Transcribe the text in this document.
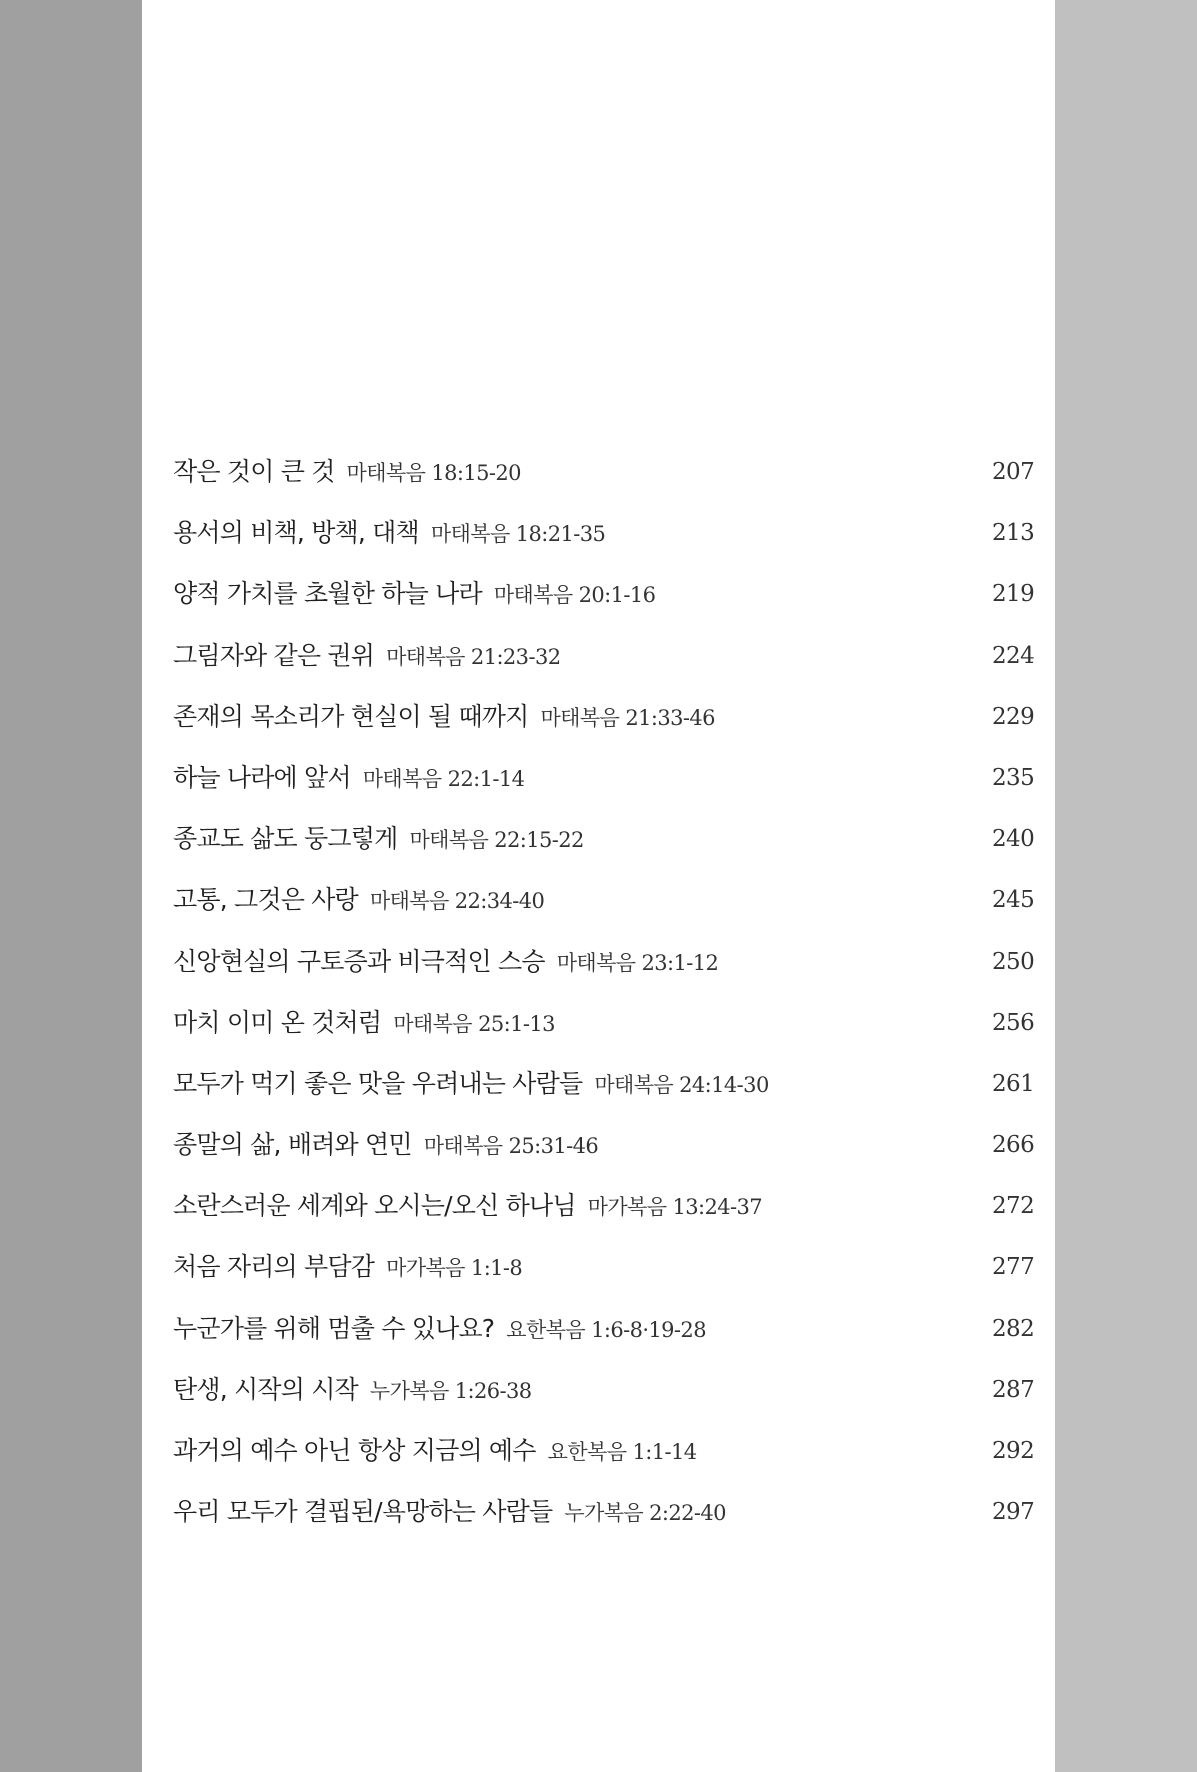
작은 것이 큰 것 마태복음 18:15-20	207
용서의 비책, 방책, 대책 마태복음 18:21-35	213
양적 가치를 초월한 하늘 나라 마태복음 20:1-16	219
그림자와 같은 권위 마태복음 21:23-32	224
존재의 목소리가 현실이 될 때까지 마태복음 21:33-46	229
하늘 나라에 앞서 마태복음 22:1-14	235
종교도 삶도 둥그렇게 마태복음 22:15-22	240
고통, 그것은 사랑 마태복음 22:34-40	245
신앙현실의 구토증과 비극적인 스승 마태복음 23:1-12	250
마치 이미 온 것처럼 마태복음 25:1-13	256
모두가 먹기 좋은 맛을 우려내는 사람들 마태복음 24:14-30	261
종말의 삶, 배려와 연민 마태복음 25:31-46	266
소란스러운 세계와 오시는/오신 하나님 마가복음 13:24-37	272
처음 자리의 부담감 마가복음 1:1-8	277
누군가를 위해 멈출 수 있나요? 요한복음 1:6-8·19-28	282
탄생, 시작의 시작 누가복음 1:26-38	287
과거의 예수 아닌 항상 지금의 예수 요한복음 1:1-14	292
우리 모두가 결핍된/욕망하는 사람들 누가복음 2:22-40	297
